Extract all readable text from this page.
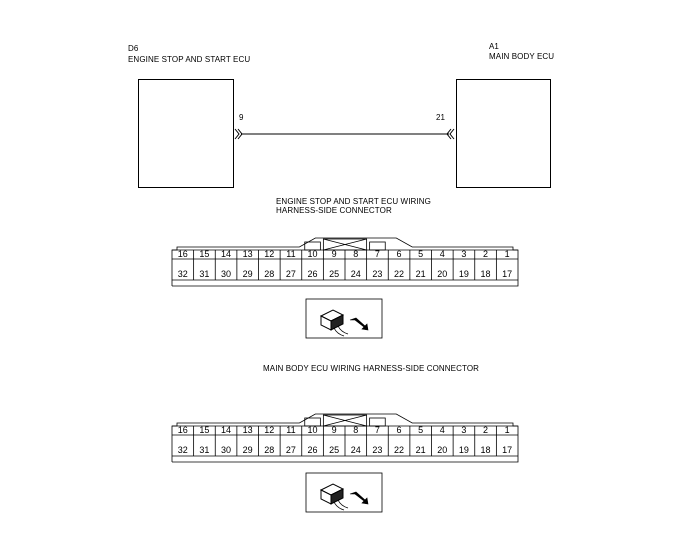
D6
ENGINE STOP AND START ECU
A1
MAIN BODY ECU
9	21
ENGINE STOP AND START ECU WIRING
HARNESS-SIDE CONNECTOR
MAIN BODY ECU WIRING HARNESS-SIDE CONNECTOR
16 15 14 13 12 11 10 9 8 7 6 5 4 3 2 1
32 31 30 29 28 27 26 25 24 23 22 21 20 19 18 17
16 15 14 13 12 11 10 9 8 7 6 5 4 3 2 1
32 31 30 29 28 27 26 25 24 23 22 21 20 19 18 17
